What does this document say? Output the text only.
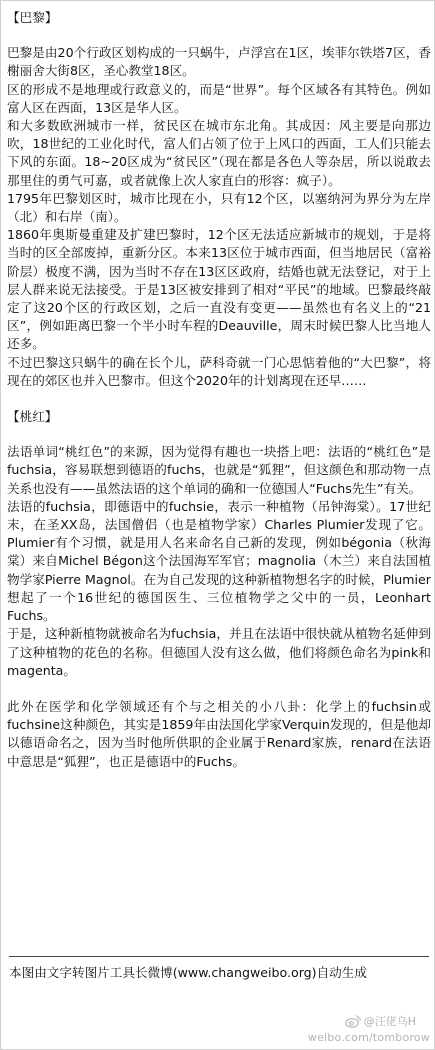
【巴黎】

巴黎是由20个行政区划构成的一只蜗牛，卢浮宫在1区，埃菲尔铁塔7区，香榭丽舍大街8区，圣心教堂18区。

区的形成不是地理或行政意义的，而是“世界”。每个区域各有其特色。例如富人区在西面，13区是华人区。

和大多数欧洲城市一样，贫民区在城市东北角。其成因：风主要是向那边吹，18世纪的工业化时代，富人们占领了位于上风口的西面，工人们只能去下风的东面。18~20区成为“贫民区”（现在都是各色人等杂居，所以说敢去那里住的勇气可嘉，或者就像上次人家直白的形容：疯子）。

1795年巴黎划区时，城市比现在小，只有12个区，以塞纳河为界分为左岸（北）和右岸（南）。

1860年奥斯曼重建及扩建巴黎时，12个区无法适应新城市的规划，于是将当时的区全部废掉，重新分区。本来13区位于城市西面，但当地居民（富裕阶层）极度不满，因为当时不存在13区区政府，结婚也就无法登记，对于上层人群来说无法接受。于是13区被安排到了相对“平民”的地域。巴黎最终敲定了这20个区的行政区划，之后一直没有变更——虽然也有名义上的“21区”，例如距离巴黎一个半小时车程的Deauville，周末时候巴黎人比当地人还多。

不过巴黎这只蜗牛的确在长个儿，萨科奇就一门心思惦着他的“大巴黎”，将现在的郊区也并入巴黎市。但这个2020年的计划离现在还早……

【桃红】

法语单词“桃红色”的来源，因为觉得有趣也一块搭上吧：法语的“桃红色”是fuchsia，容易联想到德语的fuchs，也就是“狐狸”，但这颜色和那动物一点关系也没有——虽然法语的这个单词的确和一位德国人“Fuchs先生”有关。

法语的fuchsia，即德语中的fuchsie，表示一种植物（吊钟海棠）。17世纪末，在圣XX岛，法国僧侣（也是植物学家）Charles Plumier发现了它。Plumier有个习惯，就是用人名来命名自己新的发现，例如bégonia（秋海棠）来自Michel Bégon这个法国海军军官；magnolia（木兰）来自法国植物学家Pierre Magnol。在为自己发现的这种新植物想名字的时候，Plumier想起了一个16世纪的德国医生、三位植物学之父中的一员，Leonhart Fuchs。

于是，这种新植物就被命名为fuchsia，并且在法语中很快就从植物名延伸到了这种植物的花色的名称。但德国人没有这么做，他们将颜色命名为pink和magenta。

此外在医学和化学领域还有个与之相关的小八卦：化学上的fuchsin或fuchsine这种颜色，其实是1859年由法国化学家Verquin发现的，但是他却以德语命名之，因为当时他所供职的企业属于Renard家族，renard在法语中意思是“狐狸”，也正是德语中的Fuchs。

本图由文字转图片工具长微博(www.changweibo.org)自动生成
@汪佬乌H
weibo.com/tomborow
